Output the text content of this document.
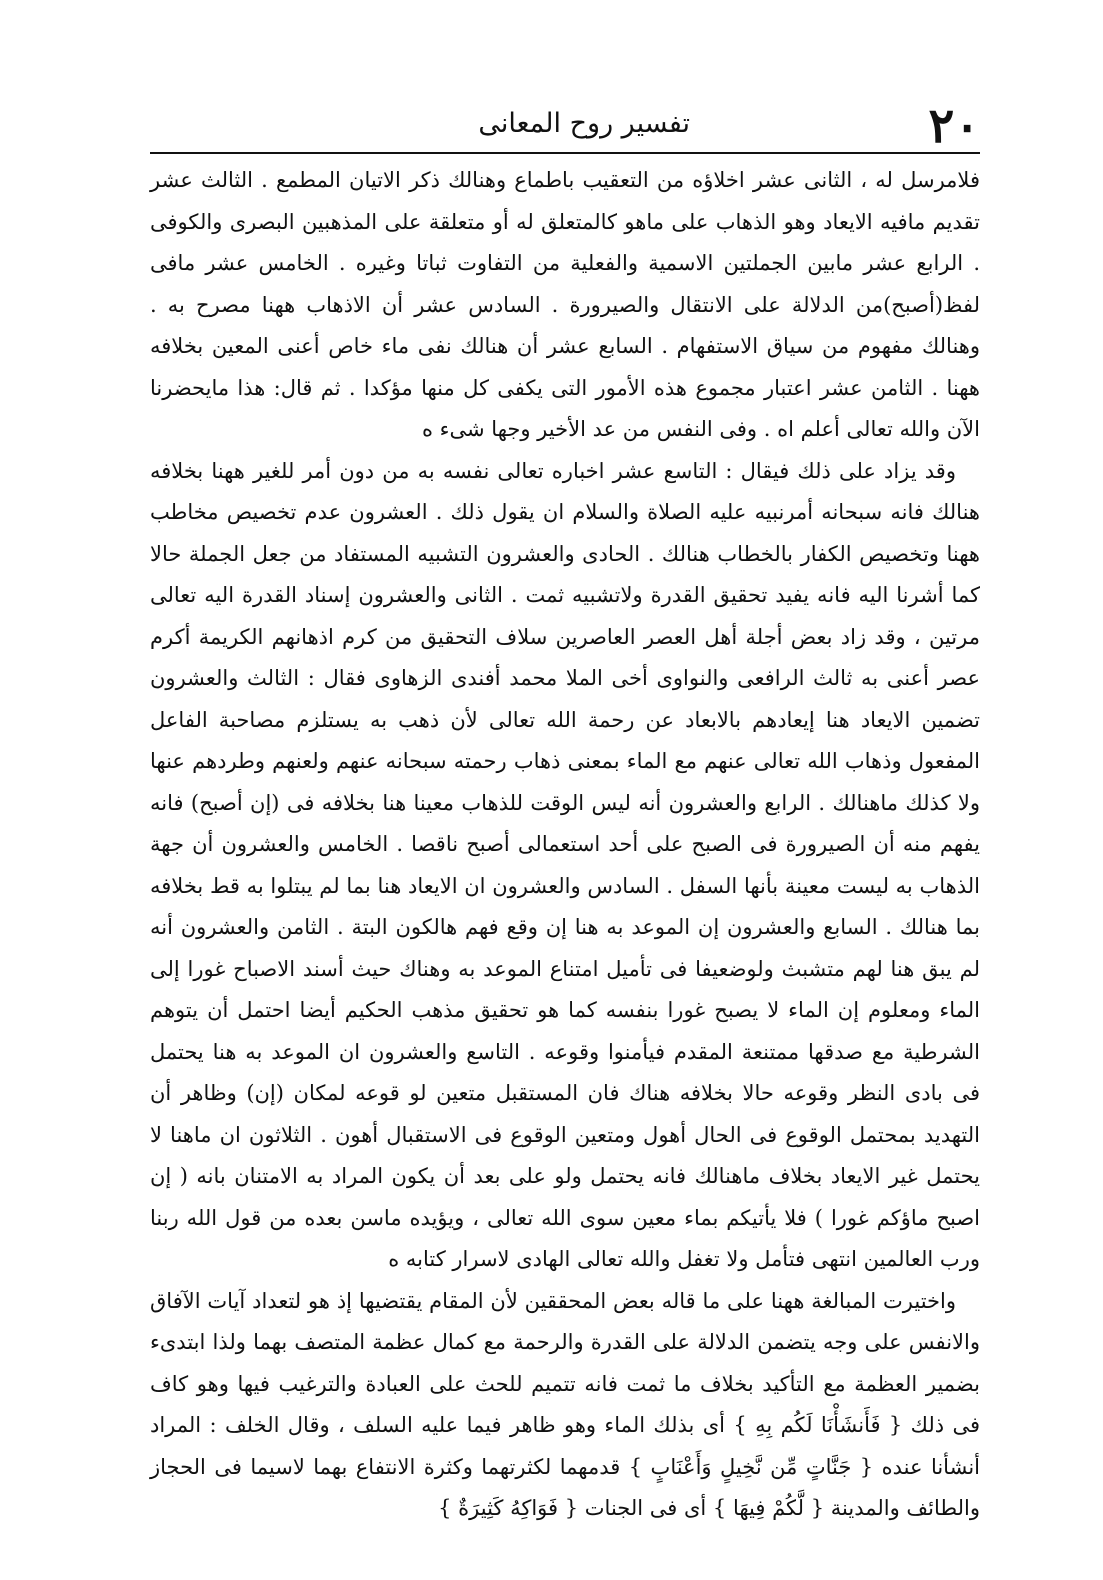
٢٠
تفسير روح المعانى

فلامرسل له ، الثانى عشر اخلاؤه من التعقيب باطماع وهنالك ذكر الاتيان المطمع . الثالث عشر تقديم مافيه الايعاد وهو الذهاب على ماهو كالمتعلق له أو متعلقة على المذهبين البصرى والكوفى . الرابع عشر مابين الجملتين الاسمية والفعلية من التفاوت ثباتا وغيره . الخامس عشر مافى لفظ(أصبح)من الدلالة على الانتقال والصيرورة . السادس عشر أن الاذهاب ههنا مصرح به . وهنالك مفهوم من سياق الاستفهام . السابع عشر أن هنالك نفى ماء خاص أعنى المعين بخلافه ههنا . الثامن عشر اعتبار مجموع هذه الأمور التى يكفى كل منها مؤكدا . ثم قال: هذا مايحضرنا الآن والله تعالى أعلم اه . وفى النفس من عد الأخير وجها شىء ه

وقد يزاد على ذلك فيقال : التاسع عشر اخباره تعالى نفسه به من دون أمر للغير ههنا بخلافه هنالك فانه سبحانه أمرنبيه عليه الصلاة والسلام ان يقول ذلك . العشرون عدم تخصيص مخاطب ههنا وتخصيص الكفار بالخطاب هنالك . الحادى والعشرون التشبيه المستفاد من جعل الجملة حالا كما أشرنا اليه فانه يفيد تحقيق القدرة ولاتشبيه ثمت . الثانى والعشرون إسناد القدرة اليه تعالى مرتين ، وقد زاد بعض أجلة أهل العصر العاصرين سلاف التحقيق من كرم اذهانهم الكريمة أكرم عصر أعنى به ثالث الرافعى والنواوى أخى الملا محمد أفندى الزهاوى فقال : الثالث والعشرون تضمين الايعاد هنا إيعادهم بالابعاد عن رحمة الله تعالى لأن ذهب به يستلزم مصاحبة الفاعل المفعول وذهاب الله تعالى عنهم مع الماء بمعنى ذهاب رحمته سبحانه عنهم ولعنهم وطردهم عنها ولا كذلك ماهنالك . الرابع والعشرون أنه ليس الوقت للذهاب معينا هنا بخلافه فى (إن أصبح) فانه يفهم منه أن الصيرورة فى الصبح على أحد استعمالى أصبح ناقصا . الخامس والعشرون أن جهة الذهاب به ليست معينة بأنها السفل . السادس والعشرون ان الايعاد هنا بما لم يبتلوا به قط بخلافه بما هنالك . السابع والعشرون إن الموعد به هنا إن وقع فهم هالكون البتة . الثامن والعشرون أنه لم يبق هنا لهم متشبث ولوضعيفا فى تأميل امتناع الموعد به وهناك حيث أسند الاصباح غورا إلى الماء ومعلوم إن الماء لا يصبح غورا بنفسه كما هو تحقيق مذهب الحكيم أيضا احتمل أن يتوهم الشرطية مع صدقها ممتنعة المقدم فيأمنوا وقوعه . التاسع والعشرون ان الموعد به هنا يحتمل فى بادى النظر وقوعه حالا بخلافه هناك فان المستقبل متعين لو قوعه لمكان (إن) وظاهر أن التهديد بمحتمل الوقوع فى الحال أهول ومتعين الوقوع فى الاستقبال أهون . الثلاثون ان ماهنا لا يحتمل غير الايعاد بخلاف ماهنالك فانه يحتمل ولو على بعد أن يكون المراد به الامتنان بانه ( إن اصبح ماؤكم غورا ) فلا يأتيكم بماء معين سوى الله تعالى ، ويؤيده ماسن بعده من قول الله ربنا ورب العالمين انتهى فتأمل ولا تغفل والله تعالى الهادى لاسرار كتابه ه

واختيرت المبالغة ههنا على ما قاله بعض المحققين لأن المقام يقتضيها إذ هو لتعداد آيات الآفاق والانفس على وجه يتضمن الدلالة على القدرة والرحمة مع كمال عظمة المتصف بهما ولذا ابتدىء بضمير العظمة مع التأكيد بخلاف ما ثمت فانه تتميم للحث على العبادة والترغيب فيها وهو كاف فى ذلك { فَأَنشَأْنَا لَكُم بِهِ } أى بذلك الماء وهو ظاهر فيما عليه السلف ، وقال الخلف : المراد أنشأنا عنده { جَنَّاتٍ مِّن نَّخِيلٍ وَأَعْنَابٍ } قدمهما لكثرتهما وكثرة الانتفاع بهما لاسيما فى الحجاز والطائف والمدينة { لَّكُمْ فِيهَا } أى فى الجنات { فَوَاكِهُ كَثِيرَةٌ }
